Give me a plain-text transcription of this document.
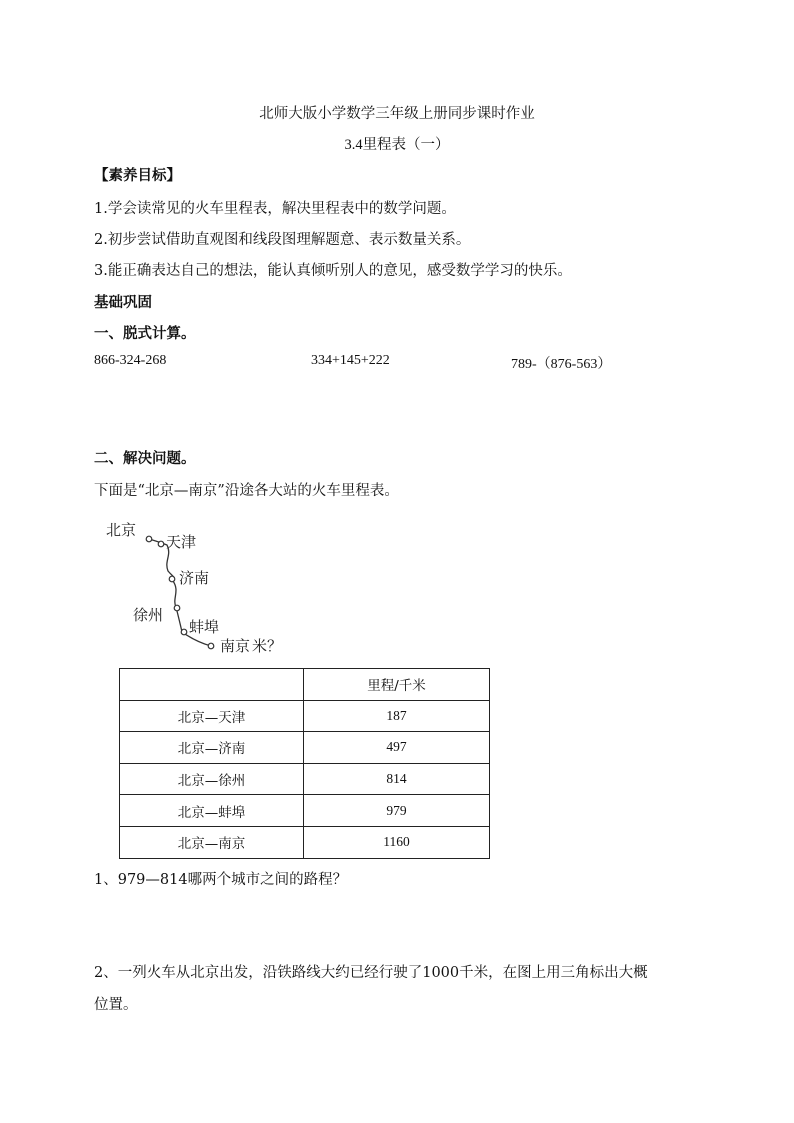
北师大版小学数学三年级上册同步课时作业
3.4里程表（一）
【素养目标】
1.学会读常见的火车里程表，解决里程表中的数学问题。
2.初步尝试借助直观图和线段图理解题意、表示数量关系。
3.能正确表达自己的想法，能认真倾听别人的意见，感受数学学习的快乐。
基础巩固
一、脱式计算。
866-324-268	334+145+222	789-（876-563）
二、解决问题。
下面是“北京—南京”沿途各大站的火车里程表。
北京
天津
济南
徐州
蚌埠
南京 米？
	里程/千米
北京—天津	187
北京—济南	497
北京—徐州	814
北京—蚌埠	979
北京—南京	1160
1、979—814哪两个城市之间的路程？
2、一列火车从北京出发，沿铁路线大约已经行驶了1000千米，在图上用三角标出大概
位置。
